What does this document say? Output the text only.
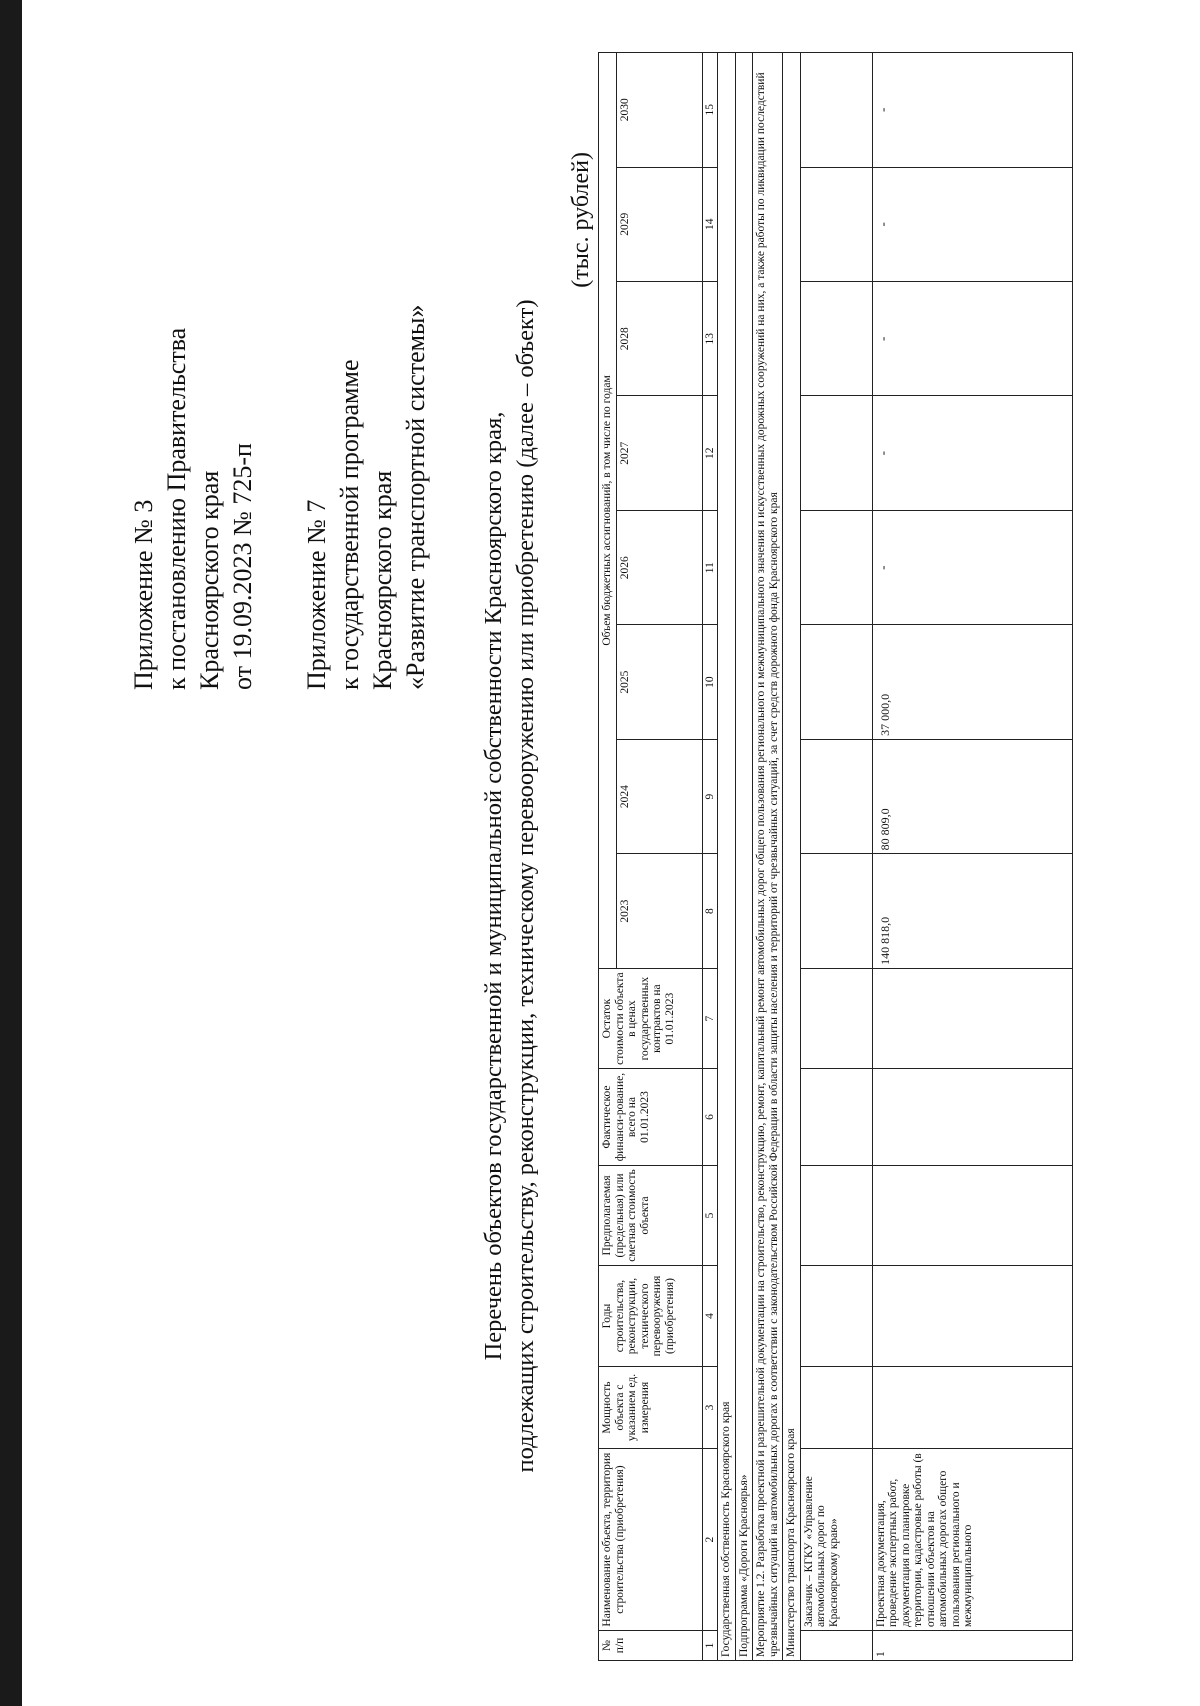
Приложение № 3 к постановлению Правительства Красноярского края от 19.09.2023 № 725-п Приложение № 7 к государственной программе Красноярского края «Развитие транспортной системы» Перечень объектов государственной и муниципальной собственности Красноярского края, подлежащих строительству, реконструкции, техническому перевооружению или приобретению (далее – объект)
(тыс. рублей)
№ п/п	Наименование объекта, территория строительства (приобретения)	Мощность объекта с указанием ед. измерения	Годы строительства, реконструкции, технического перевооружения (приобретения)	Предполагаемая (предельная) или сметная стоимость объекта	Фактическое финанси-рование, всего на 01.01.2023	Остаток стоимости объекта в ценах государственных контрактов на 01.01.2023	Объем бюджетных ассигнований, в том числе по годам							
							2023	2024	2025	2026	2027	2028	2029	2030
1	2	3	4	5	6	7	8	9	10	11	12	13	14	15
Государственная собственность Красноярского края														
Подпрограмма «Дороги Красноярья»														
Мероприятие 1.2. Разработка проектной и разрешительной документации на строительство, реконструкцию, ремонт, капитальный ремонт автомобильных дорог общего пользования регионального и межмуниципального значения и искусственных дорожных сооружений на них, а также работы по ликвидации последствий чрезвычайных ситуаций на автомобильных дорогах в соответствии с законодательством Российской Федерации в области защиты населения и территорий от чрезвычайных ситуаций, за счет средств дорожного фонда Красноярского края														
Министерство транспорта Красноярского края														
	Заказчик – КГКУ «Управление автомобильных дорог по Красноярскому краю»													
1	Проектная документация, проведение экспертных работ, документация по планировке территории, кадастровые работы (в отношении объектов на автомобильных дорогах общего пользования регионального и межмуниципального						140 818,0	80 809,0	37 000,0	-	-	-	-	-
